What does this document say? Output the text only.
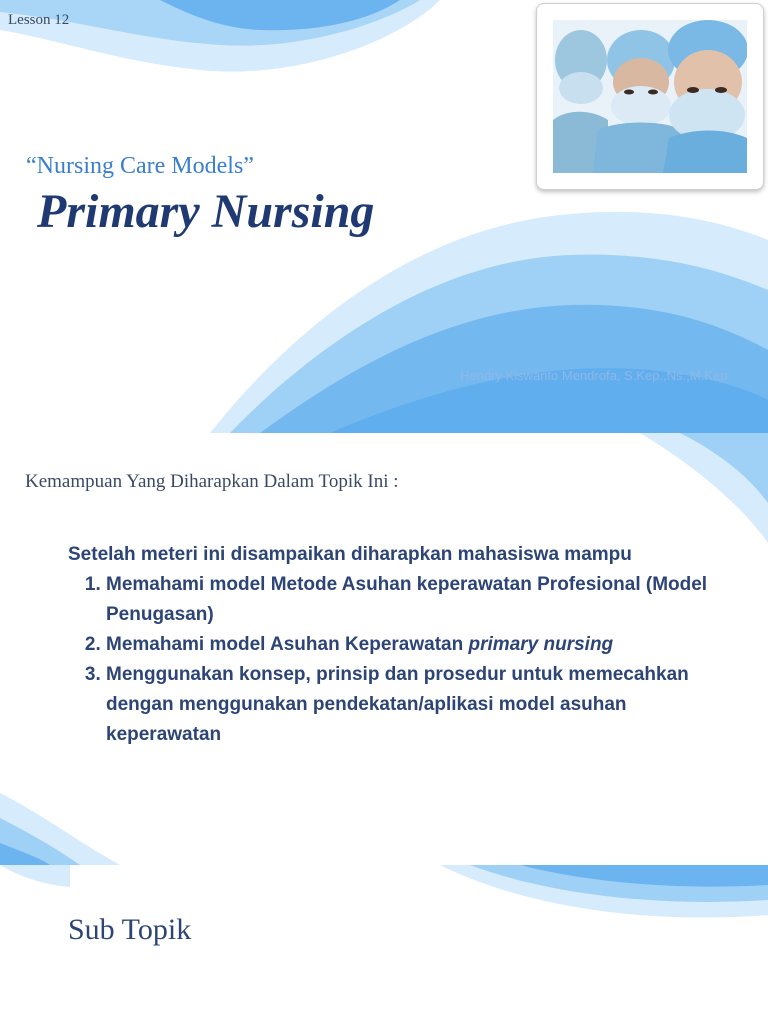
Lesson 12
“Nursing Care Models”
Primary Nursing
Hendry Kiswanto Mendrofa, S.Kep.,Ns.,M.Kep
Kemampuan Yang Diharapkan Dalam Topik Ini :
Setelah meteri ini disampaikan diharapkan mahasiswa mampu
1. Memahami model Metode Asuhan keperawatan Profesional (Model Penugasan)
2. Memahami model Asuhan Keperawatan primary nursing
3. Menggunakan konsep, prinsip dan prosedur untuk memecahkan dengan menggunakan pendekatan/aplikasi model asuhan keperawatan
Sub Topik
